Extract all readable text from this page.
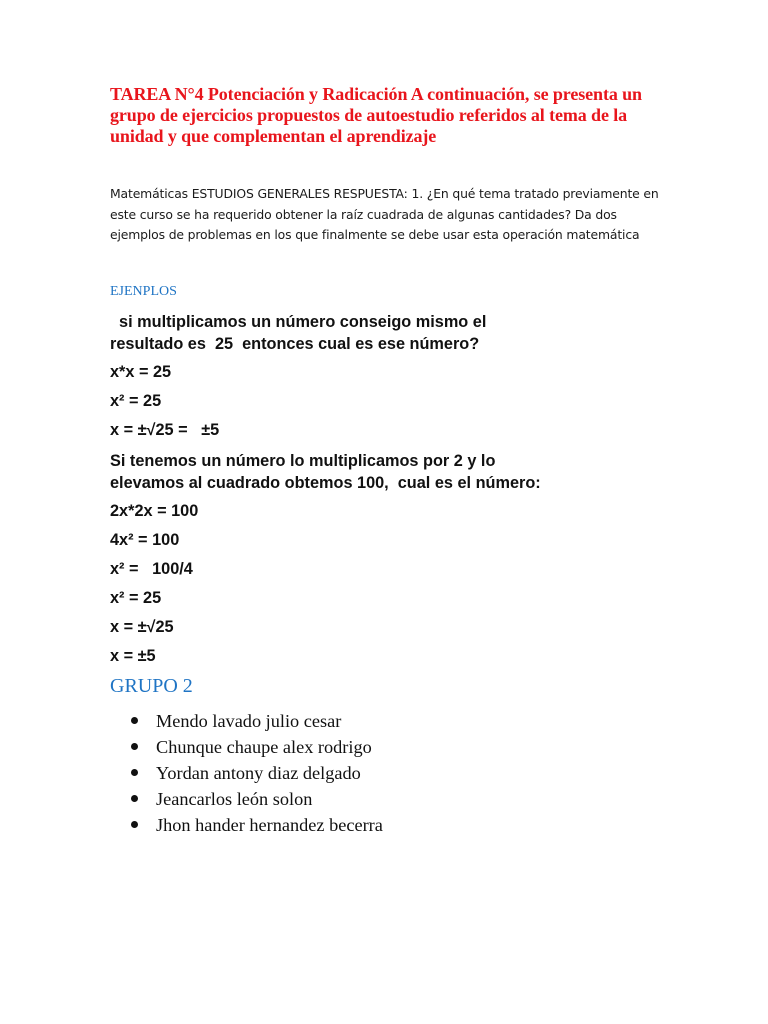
TAREA N°4 Potenciación y Radicación A continuación, se presenta un grupo de ejercicios propuestos de autoestudio referidos al tema de la unidad y que complementan el aprendizaje

Matemáticas ESTUDIOS GENERALES RESPUESTA: 1. ¿En qué tema tratado previamente en este curso se ha requerido obtener la raíz cuadrada de algunas cantidades? Da dos ejemplos de problemas en los que finalmente se debe usar esta operación matemática

EJENPLOS

si multiplicamos un número conseigo mismo el
resultado es  25  entonces cual es ese número?

x*x = 25

x² = 25

x = ±√25 =   ±5

Si tenemos un número lo multiplicamos por 2 y lo
elevamos al cuadrado obtemos 100,  cual es el número:

2x*2x = 100

4x² = 100

x² =   100/4

x² = 25

x = ±√25

x = ±5

GRUPO 2

Mendo lavado julio cesar
Chunque chaupe alex rodrigo
Yordan antony diaz delgado
Jeancarlos león solon
Jhon hander hernandez becerra
